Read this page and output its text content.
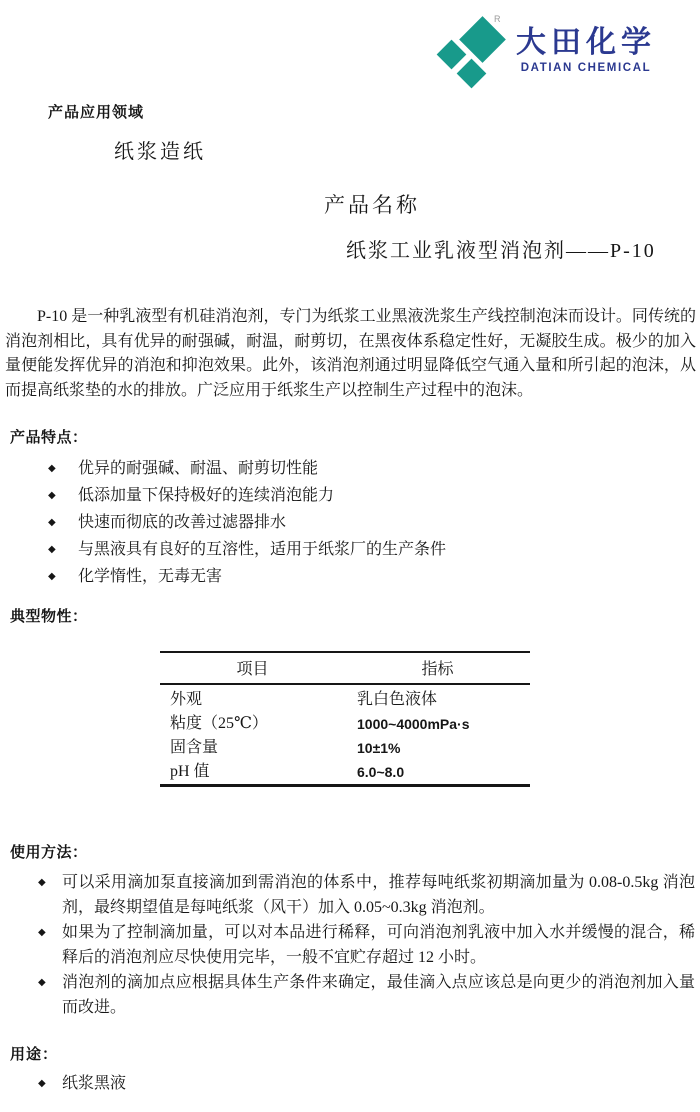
R
大田化学
DATIAN CHEMICAL
产品应用领域
纸浆造纸
产品名称
纸浆工业乳液型消泡剂——P-10

P-10 是一种乳液型有机硅消泡剂，专门为纸浆工业黑液洗浆生产线控制泡沫而设计。同传统的消泡剂相比，具有优异的耐强碱，耐温，耐剪切，在黑夜体系稳定性好，无凝胶生成。极少的加入量便能发挥优异的消泡和抑泡效果。此外，该消泡剂通过明显降低空气通入量和所引起的泡沫，从而提高纸浆垫的水的排放。广泛应用于纸浆生产以控制生产过程中的泡沫。

产品特点：
◆ 优异的耐强碱、耐温、耐剪切性能
◆ 低添加量下保持极好的连续消泡能力
◆ 快速而彻底的改善过滤器排水
◆ 与黑液具有良好的互溶性，适用于纸浆厂的生产条件
◆ 化学惰性，无毒无害
典型物性：
项目	指标
外观	乳白色液体
粘度（25℃）	1000~4000mPa·s
固含量	10±1%
pH 值	6.0~8.0
使用方法：
◆ 可以采用滴加泵直接滴加到需消泡的体系中，推荐每吨纸浆初期滴加量为 0.08-0.5kg 消泡剂，最终期望值是每吨纸浆（风干）加入 0.05~0.3kg 消泡剂。
◆ 如果为了控制滴加量，可以对本品进行稀释，可向消泡剂乳液中加入水并缓慢的混合，稀释后的消泡剂应尽快使用完毕，一般不宜贮存超过 12 小时。
◆ 消泡剂的滴加点应根据具体生产条件来确定，最佳滴入点应该总是向更少的消泡剂加入量而改进。
用途：
◆ 纸浆黑液
